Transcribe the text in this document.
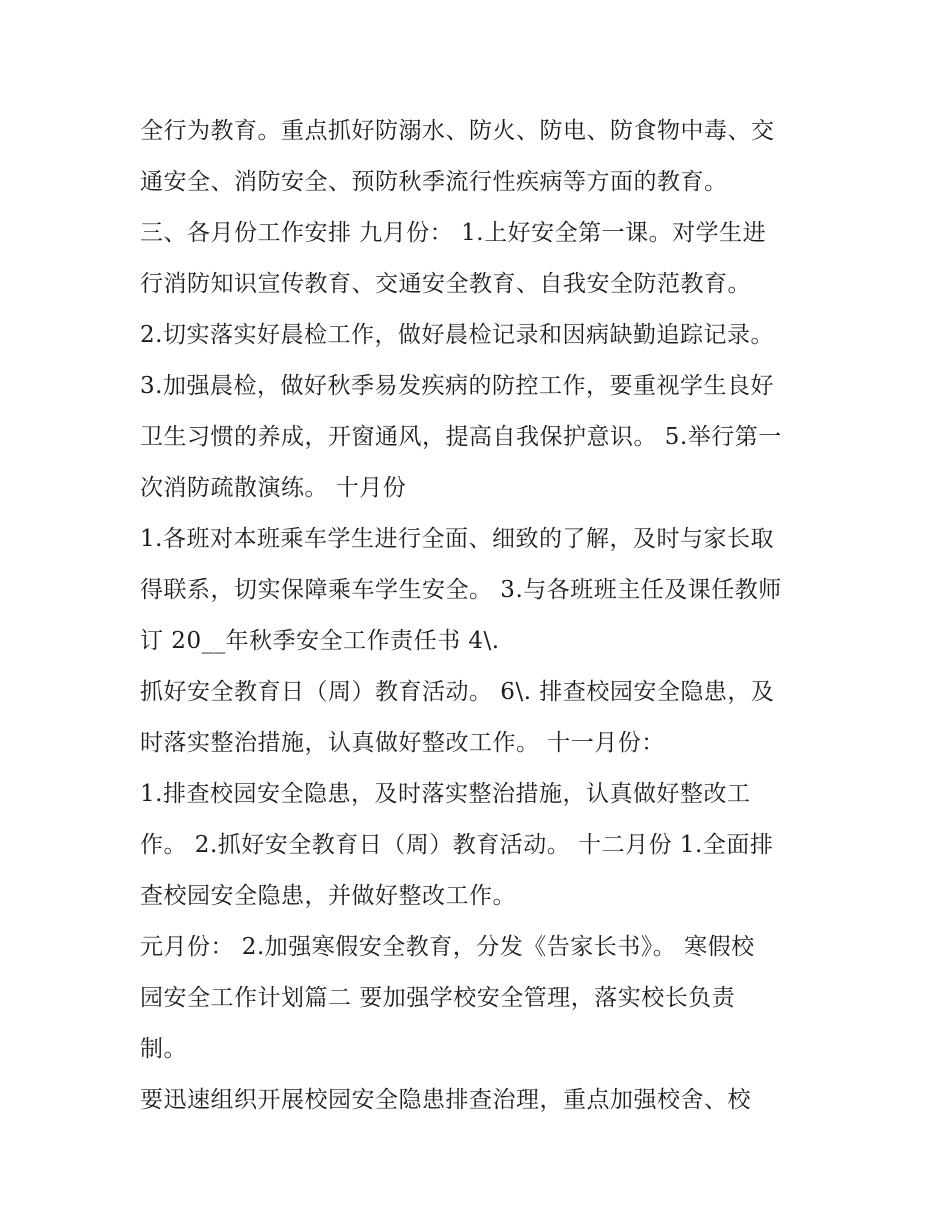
全行为教育。重点抓好防溺水、防火、防电、防食物中毒、交
通安全、消防安全、预防秋季流行性疾病等方面的教育。
三、各月份工作安排 九月份： 1.上好安全第一课。对学生进
行消防知识宣传教育、交通安全教育、自我安全防范教育。
2.切实落实好晨检工作，做好晨检记录和因病缺勤追踪记录。
3.加强晨检，做好秋季易发疾病的防控工作，要重视学生良好
卫生习惯的养成，开窗通风，提高自我保护意识。 5.举行第一
次消防疏散演练。 十月份
1.各班对本班乘车学生进行全面、细致的了解，及时与家长取
得联系，切实保障乘车学生安全。 3.与各班班主任及课任教师
订 20__年秋季安全工作责任书 4\.
抓好安全教育日（周）教育活动。 6\. 排查校园安全隐患，及
时落实整治措施，认真做好整改工作。 十一月份：
1.排查校园安全隐患，及时落实整治措施，认真做好整改工
作。 2.抓好安全教育日（周）教育活动。 十二月份 1.全面排
查校园安全隐患，并做好整改工作。
元月份： 2.加强寒假安全教育，分发《告家长书》。 寒假校
园安全工作计划篇二 要加强学校安全管理，落实校长负责
制。
要迅速组织开展校园安全隐患排查治理，重点加强校舍、校
